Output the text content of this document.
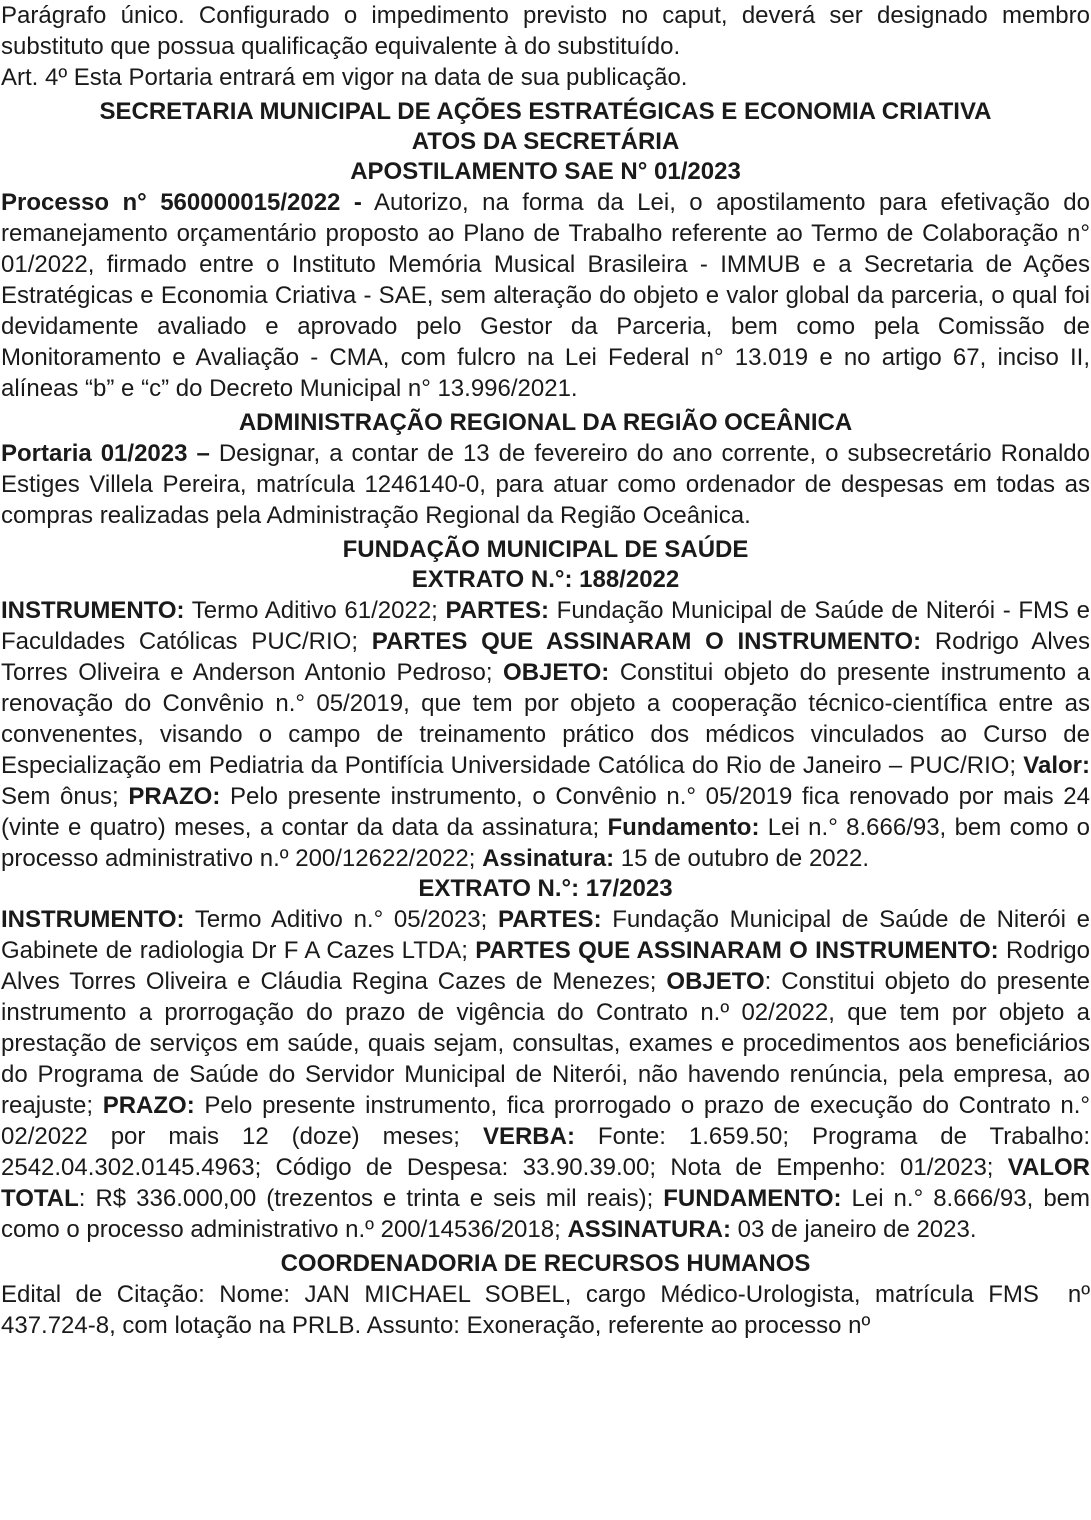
Parágrafo único. Configurado o impedimento previsto no caput, deverá ser designado membro substituto que possua qualificação equivalente à do substituído.

Art. 4º Esta Portaria entrará em vigor na data de sua publicação.

SECRETARIA MUNICIPAL DE AÇÕES ESTRATÉGICAS E ECONOMIA CRIATIVA

ATOS DA SECRETÁRIA

APOSTILAMENTO SAE N° 01/2023

Processo n° 560000015/2022 - Autorizo, na forma da Lei, o apostilamento para efetivação do remanejamento orçamentário proposto ao Plano de Trabalho referente ao Termo de Colaboração n° 01/2022, firmado entre o Instituto Memória Musical Brasileira - IMMUB e a Secretaria de Ações Estratégicas e Economia Criativa - SAE, sem alteração do objeto e valor global da parceria, o qual foi devidamente avaliado e aprovado pelo Gestor da Parceria, bem como pela Comissão de Monitoramento e Avaliação - CMA, com fulcro na Lei Federal n° 13.019 e no artigo 67, inciso II, alíneas “b” e “c” do Decreto Municipal n° 13.996/2021.

ADMINISTRAÇÃO REGIONAL DA REGIÃO OCEÂNICA

Portaria 01/2023 – Designar, a contar de 13 de fevereiro do ano corrente, o subsecretário Ronaldo Estiges Villela Pereira, matrícula 1246140-0, para atuar como ordenador de despesas em todas as compras realizadas pela Administração Regional da Região Oceânica.

FUNDAÇÃO MUNICIPAL DE SAÚDE

EXTRATO N.°: 188/2022

INSTRUMENTO: Termo Aditivo 61/2022; PARTES: Fundação Municipal de Saúde de Niterói - FMS e Faculdades Católicas PUC/RIO; PARTES QUE ASSINARAM O INSTRUMENTO: Rodrigo Alves Torres Oliveira e Anderson Antonio Pedroso; OBJETO: Constitui objeto do presente instrumento a renovação do Convênio n.° 05/2019, que tem por objeto a cooperação técnico-científica entre as convenentes, visando o campo de treinamento prático dos médicos vinculados ao Curso de Especialização em Pediatria da Pontifícia Universidade Católica do Rio de Janeiro – PUC/RIO; Valor: Sem ônus; PRAZO: Pelo presente instrumento, o Convênio n.° 05/2019 fica renovado por mais 24 (vinte e quatro) meses, a contar da data da assinatura; Fundamento: Lei n.° 8.666/93, bem como o processo administrativo n.º 200/12622/2022; Assinatura: 15 de outubro de 2022.

EXTRATO N.°: 17/2023

INSTRUMENTO: Termo Aditivo n.° 05/2023; PARTES: Fundação Municipal de Saúde de Niterói e Gabinete de radiologia Dr F A Cazes LTDA; PARTES QUE ASSINARAM O INSTRUMENTO: Rodrigo Alves Torres Oliveira e Cláudia Regina Cazes de Menezes; OBJETO: Constitui objeto do presente instrumento a prorrogação do prazo de vigência do Contrato n.º 02/2022, que tem por objeto a prestação de serviços em saúde, quais sejam, consultas, exames e procedimentos aos beneficiários do Programa de Saúde do Servidor Municipal de Niterói, não havendo renúncia, pela empresa, ao reajuste; PRAZO: Pelo presente instrumento, fica prorrogado o prazo de execução do Contrato n.° 02/2022 por mais 12 (doze) meses; VERBA: Fonte: 1.659.50; Programa de Trabalho: 2542.04.302.0145.4963; Código de Despesa: 33.90.39.00; Nota de Empenho: 01/2023; VALOR TOTAL: R$ 336.000,00 (trezentos e trinta e seis mil reais); FUNDAMENTO: Lei n.° 8.666/93, bem como o processo administrativo n.º 200/14536/2018; ASSINATURA: 03 de janeiro de 2023.

COORDENADORIA DE RECURSOS HUMANOS

Edital de Citação: Nome: JAN MICHAEL SOBEL, cargo Médico-Urologista, matrícula FMS  nº 437.724-8, com lotação na PRLB. Assunto: Exoneração, referente ao processo nº
